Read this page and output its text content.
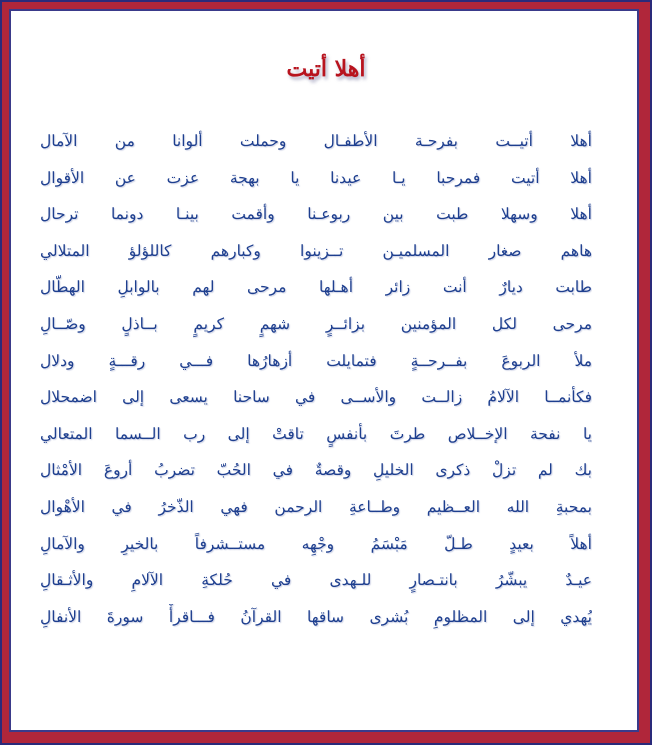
أهلا أتيت
أهلا أتيــت بفرحـة الأطفـال وحملت ألوانا من الآمال
أهلا أتيت فمرحبا يـا عيدنا يا بهجة عزت عن الأقوال
أهلا وسهلا طبت بين ربوعـنا وأقمت بينـا دونما ترحال
هاهم صغار المسلميـن تــزينوا وكبارهم كاللؤلؤ المتلالي
طابت ديارٌ أنت زائر أهـلها مرحى لهم بالوابلِ الهطّال
مرحى لكل المؤمنين بزائــرٍ شهمٍ كريمٍ بــاذلٍ وصّــالِ
ملأ الربوعَ بفــرحــةٍ فتمايلت أزهارُها فـــي رقـــةٍ ودلال
فكأنمــا الآلامُ زالــت والأســى في ساحنا يسعى إلى اضمحلال
يا نفحة الإخــلاص طرتَ بأنفسٍ تاقتْ إلى رب الــسما المتعالي
بك لم تزلْ ذكرى الخليلِ وقصةٌ في الحُبّ تضربُ أروعَ الأمْثال
بمحبةِ الله العــظيم وطــاعةِ الرحمن فهي الذّخرُ في الأهْوال
أهلاً بعيدٍ طـلّ مَبْسَمُ وجْهِه مستــشرفاً بالخيرِ والآمالِ
عيـدٌ يبشّرُ بانتـصارٍ للـهدى في حُلكةِ الآلامِ والأثـقالِ
يُهدي إلى المظلومِ بُشرى ساقها القرآنُ فـــاقرأْ سورةَ الأنفالِ
